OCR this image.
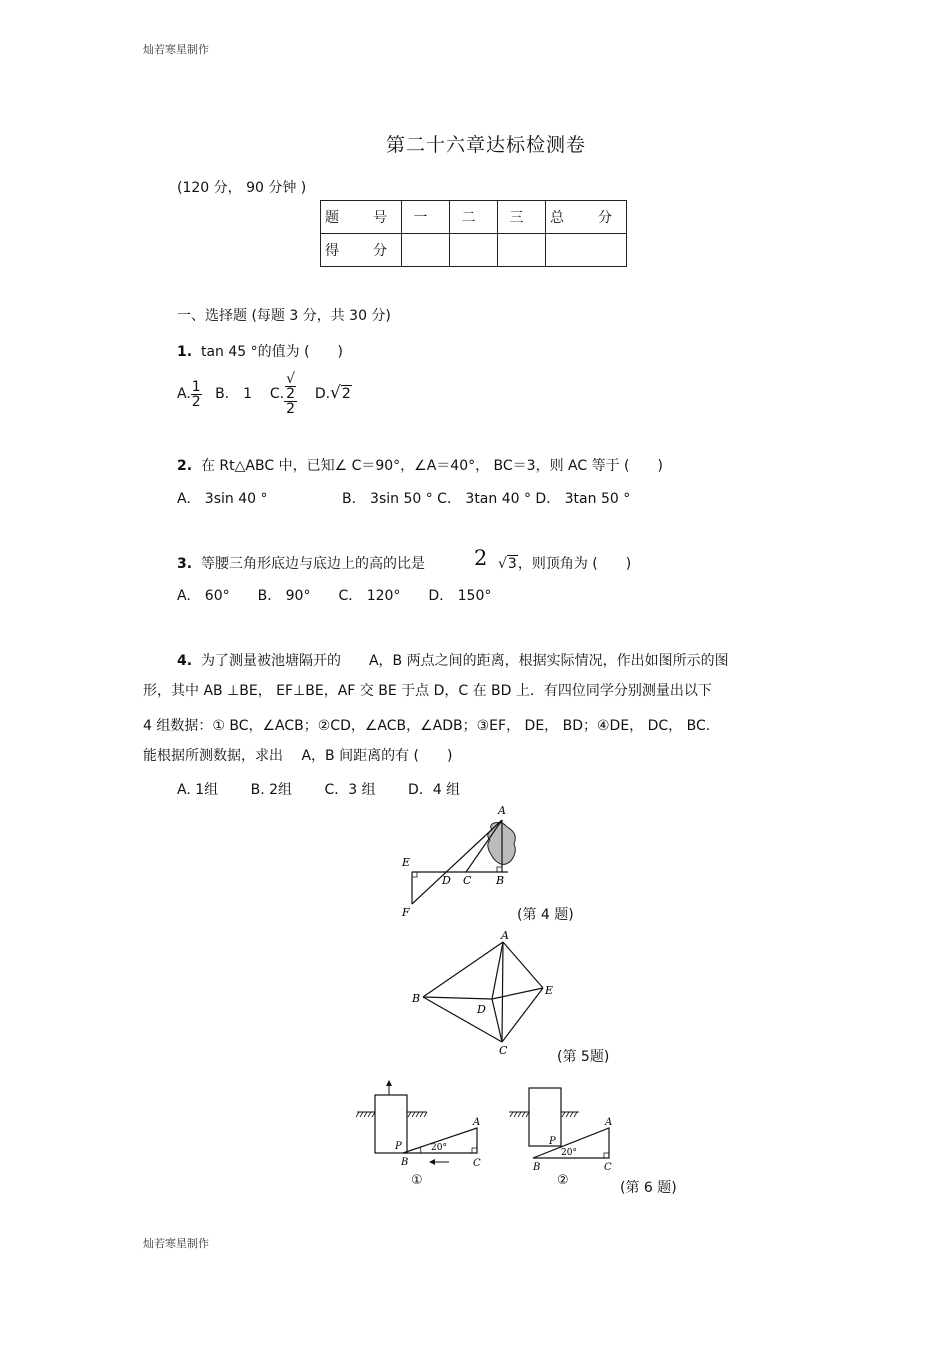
灿若寒星制作
第二十六章达标检测卷
(120 分， 90 分钟 )
题　号	一	二	三	总　分
得　分				
一、选择题 (每题 3 分，共 30 分)
1. tan 45 °的值为 (　　)
A. $\frac{1}{2} B$.　1 C. √
2
2 D.√2
2. 在 Rt△ABC 中，已知∠ C＝90°，∠A＝40°， BC＝3，则 AC 等于 (　　)
A.　3sin 40 °	B． 3sin 50 ° C． 3tan 40 ° D． 3tan 50 °
3. 等腰三角形底边与底边上的高的比是 2 √3，则顶角为 (　　)
A.　60°　　B． 90°　　C． 120°　　D． 150°
4. 为了测量被池塘隔开的　　A，B 两点之间的距离，根据实际情况，作出如图所示的图
形，其中 AB ⊥BE， EF⊥BE，AF 交 BE 于点 D，C 在 BD 上．有四位同学分别测量出以下
4 组数据：① BC，∠ACB；②CD，∠ACB，∠ADB；③EF， DE， BD；④DE， DC， BC.
能根据所测数据，求出　 A，B 间距离的有 (　　)
A. 1组　　 B. 2组　　 C．3 组　　 D．4 组
A
E
D C B
F	(第 4 题)
A
B
D
E
C	(第 5题)
A
P
B	C
20°
①
A
P
B	C
20°
②	(第 6 题)
灿若寒星制作
